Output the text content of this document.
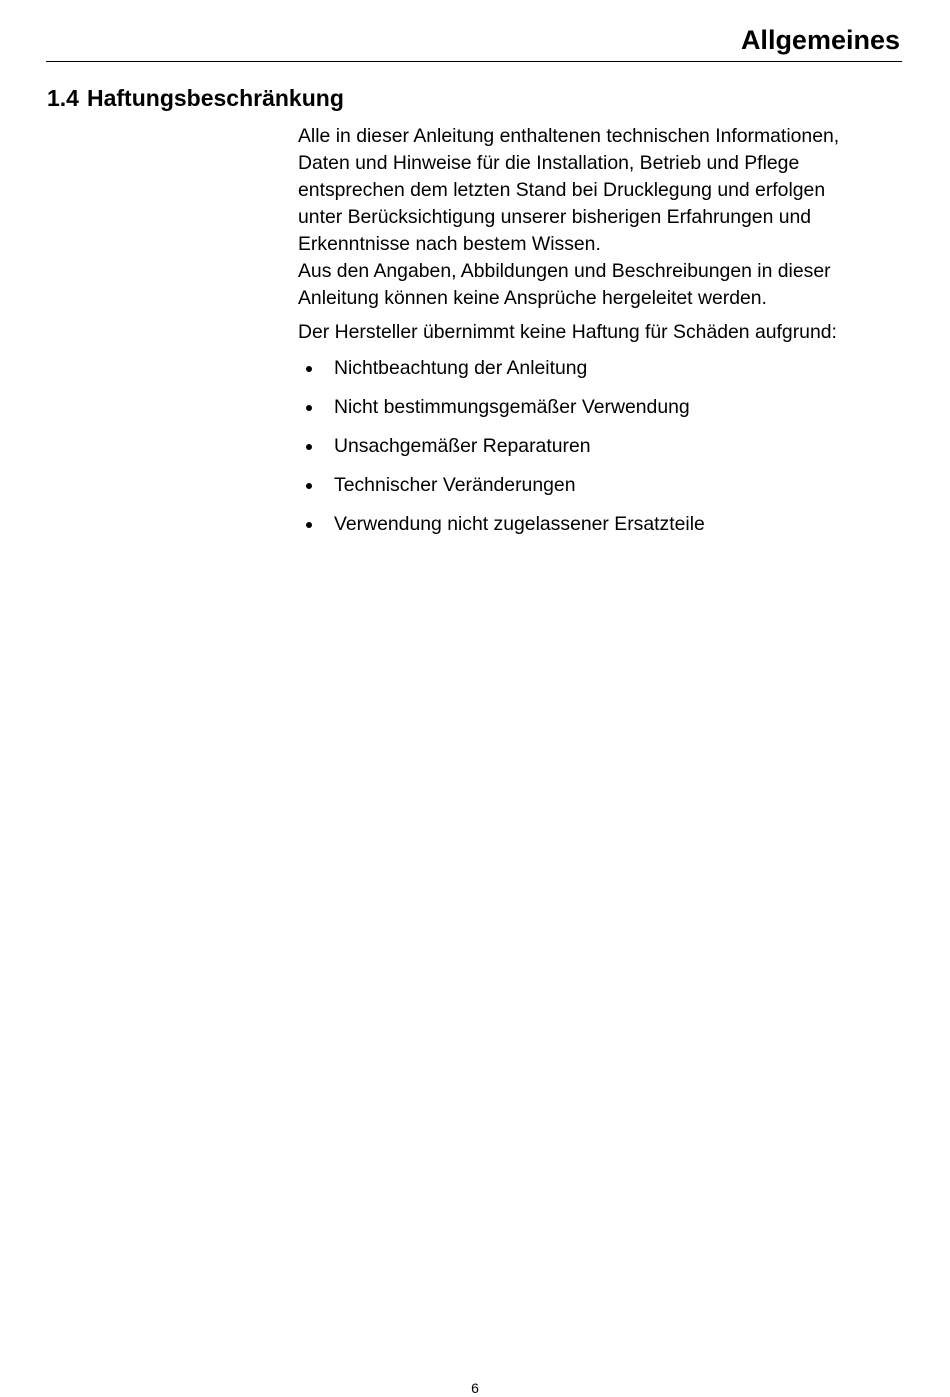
Allgemeines
1.4 Haftungsbeschränkung
Alle in dieser Anleitung enthaltenen technischen Informationen,
Daten und Hinweise für die Installation, Betrieb und Pflege
entsprechen dem letzten Stand bei Drucklegung und erfolgen
unter Berücksichtigung unserer bisherigen Erfahrungen und
Erkenntnisse nach bestem Wissen.
Aus den Angaben, Abbildungen und Beschreibungen in dieser
Anleitung können keine Ansprüche hergeleitet werden.

Der Hersteller übernimmt keine Haftung für Schäden aufgrund:

Nichtbeachtung der Anleitung
Nicht bestimmungsgemäßer Verwendung
Unsachgemäßer Reparaturen
Technischer Veränderungen
Verwendung nicht zugelassener Ersatzteile
6
